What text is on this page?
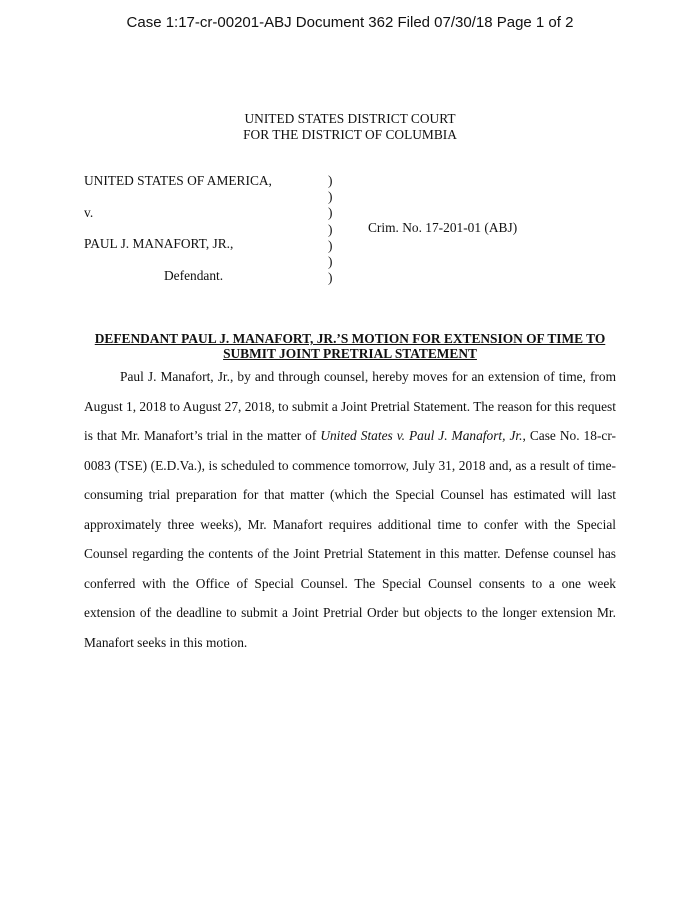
Case 1:17-cr-00201-ABJ Document 362 Filed 07/30/18 Page 1 of 2
UNITED STATES DISTRICT COURT
FOR THE DISTRICT OF COLUMBIA
UNITED STATES OF AMERICA,
v.
PAUL J. MANAFORT, JR.,
Defendant.
)
)
)
)
)
)
)
Crim. No. 17-201-01 (ABJ)
DEFENDANT PAUL J. MANAFORT, JR.’S MOTION FOR EXTENSION OF TIME TO
SUBMIT JOINT PRETRIAL STATEMENT
Paul J. Manafort, Jr., by and through counsel, hereby moves for an extension of time, from
August 1, 2018 to August 27, 2018, to submit a Joint Pretrial Statement. The reason for this request
is that Mr. Manafort’s trial in the matter of United States v. Paul J. Manafort, Jr., Case No. 18-cr-
0083 (TSE) (E.D.Va.), is scheduled to commence tomorrow, July 31, 2018 and, as a result of time-
consuming trial preparation for that matter (which the Special Counsel has estimated will last
approximately three weeks), Mr. Manafort requires additional time to confer with the Special
Counsel regarding the contents of the Joint Pretrial Statement in this matter. Defense counsel has
conferred with the Office of Special Counsel. The Special Counsel consents to a one week
extension of the deadline to submit a Joint Pretrial Order but objects to the longer extension Mr.
Manafort seeks in this motion.
